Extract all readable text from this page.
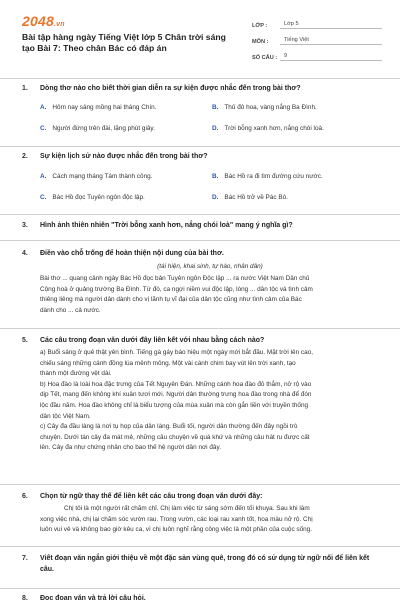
2048.vn
Bài tập hàng ngày Tiếng Việt lớp 5 Chân trời sáng tạo Bài 7: Theo chân Bác có đáp án
LỚP :	Lớp 5
MÔN :	Tiếng Việt
SỐ CÂU :	9
1. Dòng thơ nào cho biết thời gian diễn ra sự kiện được nhắc đến trong bài thơ?
A. Hôm nay sáng mồng hai tháng Chín.	B. Thủ đô hoa, vàng nắng Ba Đình.
C. Người đứng trên đài, lặng phút giây.	D. Trời bỗng xanh hơn, nắng chói loà.
2. Sự kiện lịch sử nào được nhắc đến trong bài thơ?
A. Cách mạng tháng Tám thành công.	B. Bác Hồ ra đi tìm đường cứu nước.
C. Bác Hồ đọc Tuyên ngôn độc lập.	D. Bác Hồ trở về Pác Bó.
3. Hình ảnh thiên nhiên "Trời bỗng xanh hơn, nắng chói loà" mang ý nghĩa gì?
4. Điền vào chỗ trống để hoàn thiện nội dung của bài thơ.
(tái hiện, khai sinh, tự hào, nhân dân)
Bài thơ ... quang cảnh ngày Bác Hồ đọc bản Tuyên ngôn Độc lập ... ra nước Việt Nam Dân chủ
Cộng hoà ở quảng trường Ba Đình. Từ đó, ca ngợi niềm vui độc lập, lòng ... dân tộc và tình cảm
thiêng liêng mà người dân dành cho vị lãnh tụ vĩ đại của dân tộc cũng như tình cảm của Bác
dành cho ... cả nước.
5. Các câu trong đoạn văn dưới đây liên kết với nhau bằng cách nào?
a) Buổi sáng ở quê thật yên bình. Tiếng gà gáy báo hiệu một ngày mới bắt đầu. Mặt trời lên cao,
chiếu sáng những cánh đồng lúa mênh mông. Một vài cánh chim bay vút lên trời xanh, tạo
thành một đường vệt dài.
b) Hoa đào là loài hoa đặc trưng của Tết Nguyên Đán. Những cánh hoa đào đỏ thắm, nở rộ vào
dịp Tết, mang đến không khí xuân tươi mới. Người dân thường trưng hoa đào trong nhà để đón
lộc đầu năm. Hoa đào không chỉ là biểu tượng của mùa xuân mà còn gắn liền với truyền thống
dân tộc Việt Nam.
c) Cây đa đầu làng là nơi tụ họp của dân làng. Buổi tối, người dân thường đến đây ngồi trò
chuyện. Dưới tán cây đa mát mẻ, những câu chuyện về quá khứ và những câu hát ru được cất
lên. Cây đa như chứng nhân cho bao thế hệ người dân nơi đây.
6. Chọn từ ngữ thay thế để liên kết các câu trong đoạn văn dưới đây:
Chị tôi là một người rất chăm chỉ. Chị làm việc từ sáng sớm đến tối khuya. Sau khi làm
xong việc nhà, chị lại chăm sóc vườn rau. Trong vườn, các loại rau xanh tốt, hoa màu nở rộ. Chị
luôn vui vẻ và không bao giờ kêu ca, vì chị luôn nghĩ rằng công việc là một phần của cuộc sống.
7. Viết đoạn văn ngắn giới thiệu về một đặc sản vùng quê, trong đó có sử dụng từ ngữ nối để liên kết câu.
8. Đọc đoạn văn và trả lời câu hỏi.
